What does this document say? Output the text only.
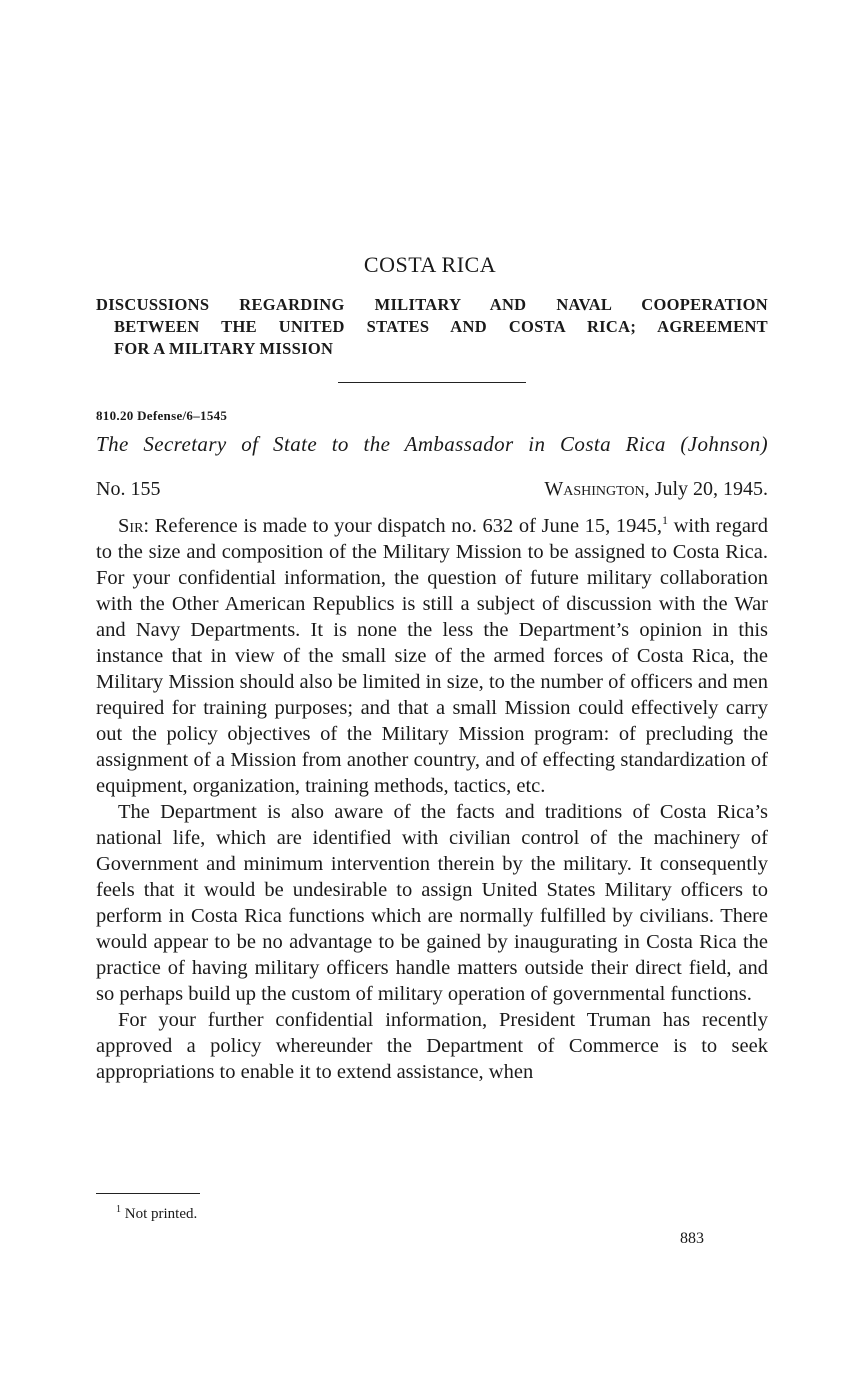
COSTA RICA
DISCUSSIONS REGARDING MILITARY AND NAVAL COOPERATION
BETWEEN THE UNITED STATES AND COSTA RICA; AGREEMENT
FOR A MILITARY MISSION
810.20 Defense/6–1545
The Secretary of State to the Ambassador in Costa Rica (Johnson)
No. 155	Washington, July 20, 1945.

Sir: Reference is made to your dispatch no. 632 of June 15, 1945,$^1$ with regard to the size and composition of the Military Mission to be assigned to Costa Rica. For your confidential information, the question of future military collaboration with the Other American Republics is still a subject of discussion with the War and Navy Departments. It is none the less the Department’s opinion in this instance that in view of the small size of the armed forces of Costa Rica, the Military Mission should also be limited in size, to the number of officers and men required for training purposes; and that a small Mission could effectively carry out the policy objectives of the Military Mission program: of precluding the assignment of a Mission from another country, and of effecting standardization of equipment, organization, training methods, tactics, etc.

The Department is also aware of the facts and traditions of Costa Rica’s national life, which are identified with civilian control of the machinery of Government and minimum intervention therein by the military. It consequently feels that it would be undesirable to assign United States Military officers to perform in Costa Rica functions which are normally fulfilled by civilians. There would appear to be no advantage to be gained by inaugurating in Costa Rica the practice of having military officers handle matters outside their direct field, and so perhaps build up the custom of military operation of governmental functions.

For your further confidential information, President Truman has recently approved a policy whereunder the Department of Commerce is to seek appropriations to enable it to extend assistance, when

$^1$ Not printed.
883
